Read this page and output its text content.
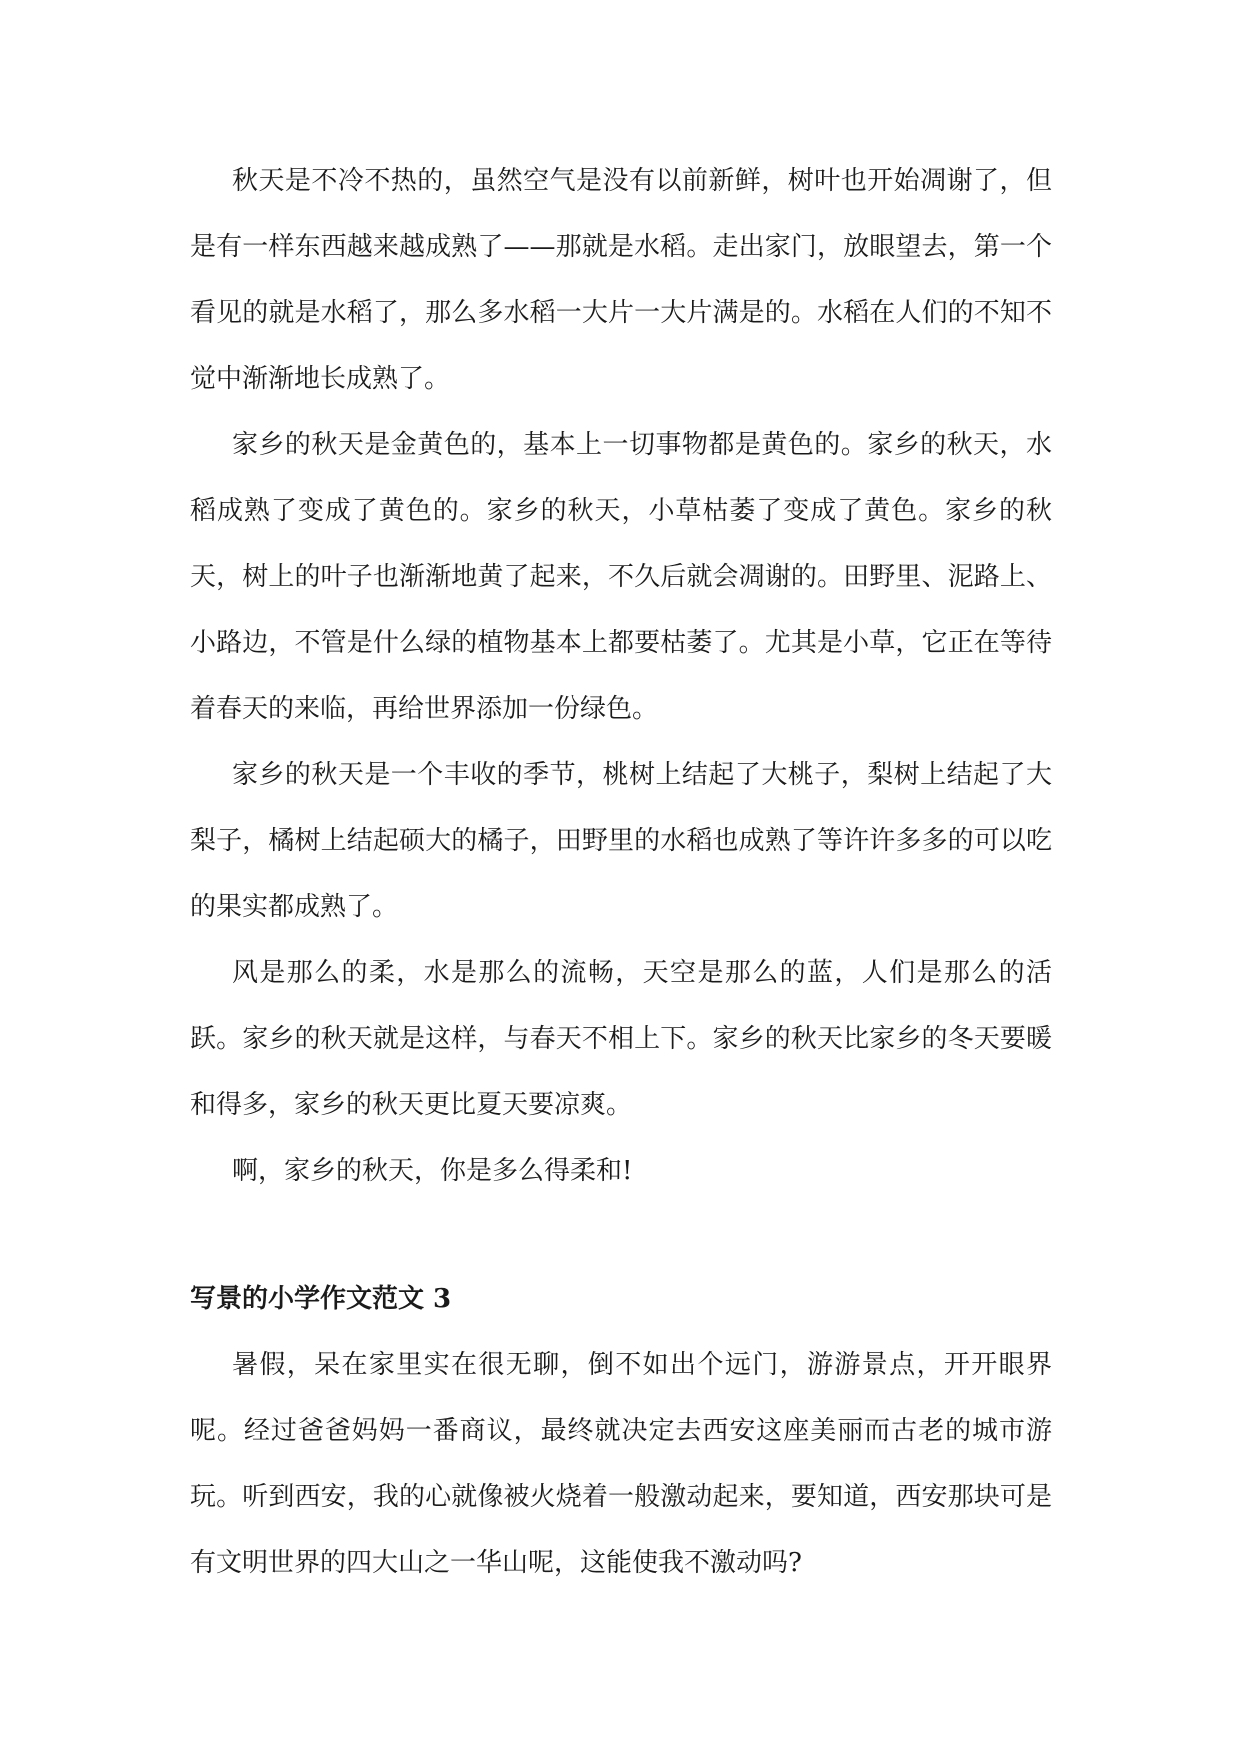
秋天是不冷不热的，虽然空气是没有以前新鲜，树叶也开始凋谢了，但是有一样东西越来越成熟了——那就是水稻。走出家门，放眼望去，第一个看见的就是水稻了，那么多水稻一大片一大片满是的。水稻在人们的不知不觉中渐渐地长成熟了。

家乡的秋天是金黄色的，基本上一切事物都是黄色的。家乡的秋天，水稻成熟了变成了黄色的。家乡的秋天，小草枯萎了变成了黄色。家乡的秋天，树上的叶子也渐渐地黄了起来，不久后就会凋谢的。田野里、泥路上、小路边，不管是什么绿的植物基本上都要枯萎了。尤其是小草，它正在等待着春天的来临，再给世界添加一份绿色。

家乡的秋天是一个丰收的季节，桃树上结起了大桃子，梨树上结起了大梨子，橘树上结起硕大的橘子，田野里的水稻也成熟了等许许多多的可以吃的果实都成熟了。

风是那么的柔，水是那么的流畅，天空是那么的蓝，人们是那么的活跃。家乡的秋天就是这样，与春天不相上下。家乡的秋天比家乡的冬天要暖和得多，家乡的秋天更比夏天要凉爽。

啊，家乡的秋天，你是多么得柔和!

写景的小学作文范文 3

暑假，呆在家里实在很无聊，倒不如出个远门，游游景点，开开眼界呢。经过爸爸妈妈一番商议，最终就决定去西安这座美丽而古老的城市游玩。听到西安，我的心就像被火烧着一般激动起来，要知道，西安那块可是有文明世界的四大山之一华山呢，这能使我不激动吗?
